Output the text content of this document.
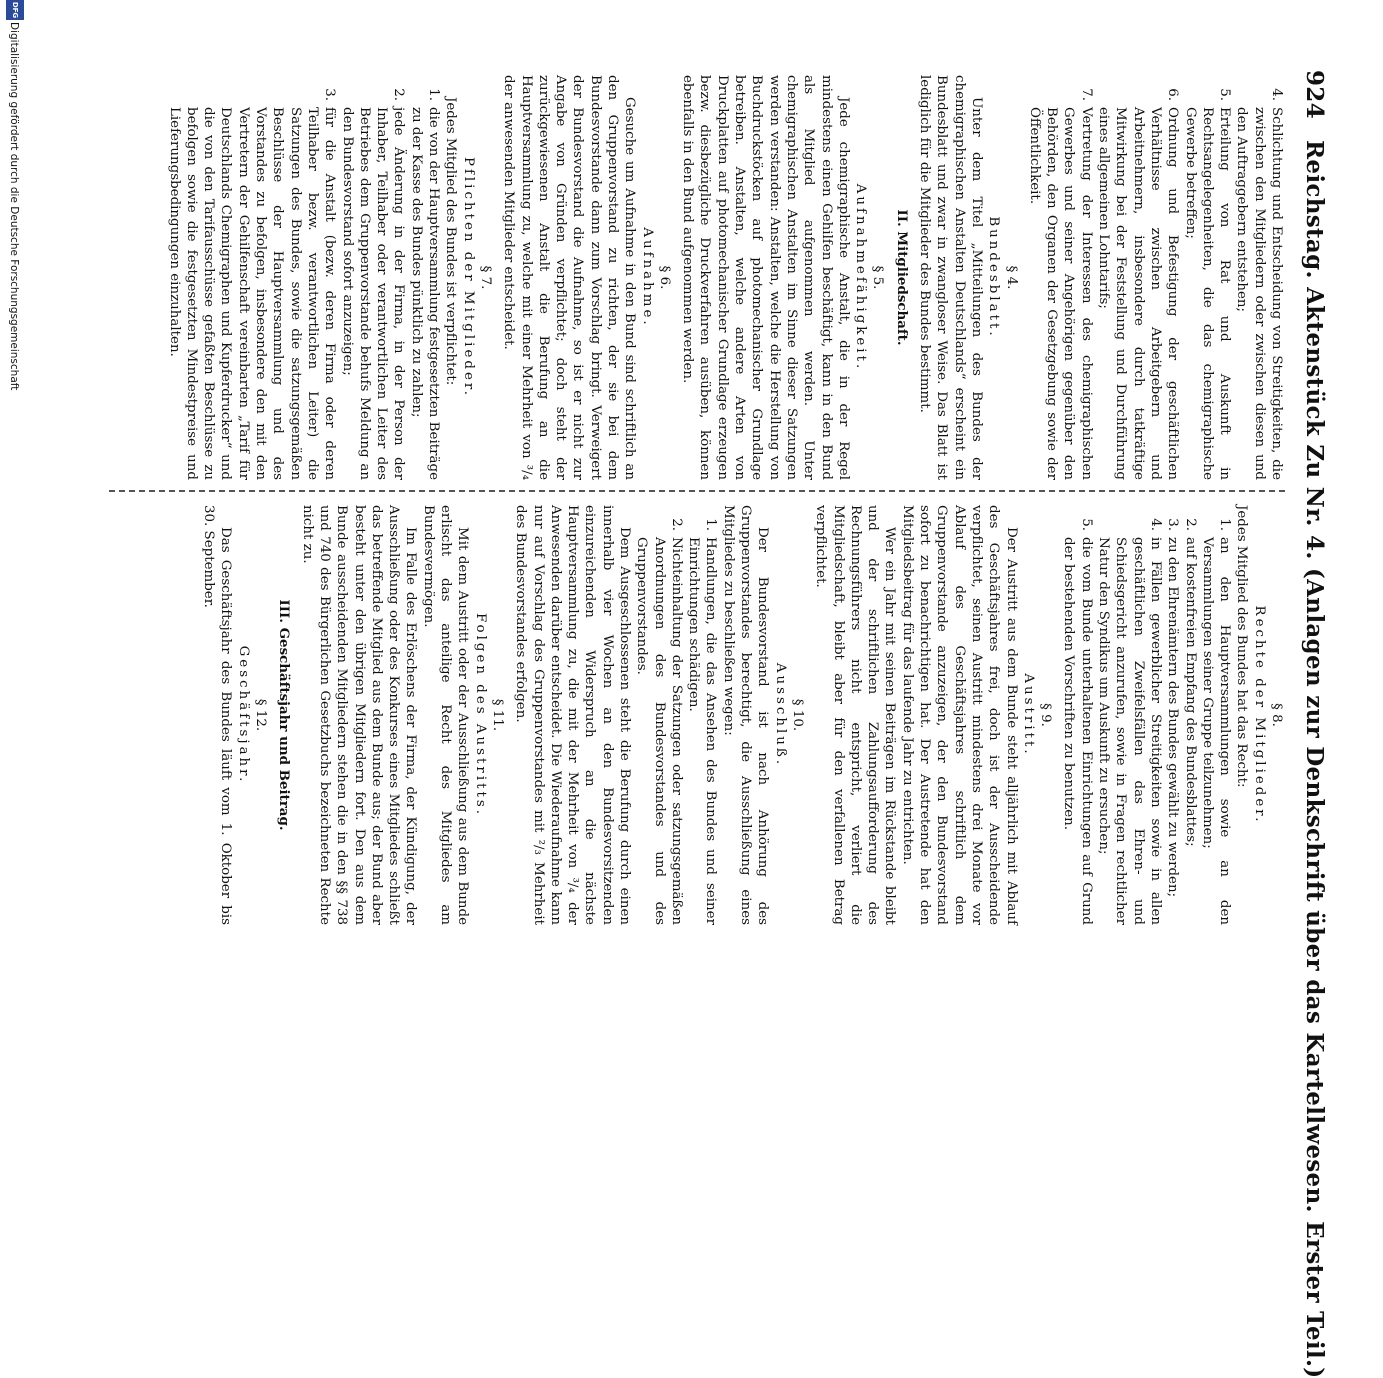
924
Reichstag. Aktenstück Zu Nr. 4. (Anlagen zur Denkschrift über das Kartellwesen. Erster Teil.)
4.
Schlichtung und Entscheidung von Streitigkeiten, die zwischen den Mitgliedern oder zwischen diesen und den Auftraggebern entstehen;
5.
Erteilung von Rat und Auskunft in Rechtsangelegenheiten, die das chemigraphische Gewerbe betreffen;
6.
Ordnung und Befestigung der geschäftlichen Verhältnisse zwischen Arbeitgebern und Arbeitnehmern, insbesondere durch tatkräftige Mitwirkung bei der Feststellung und Durchführung eines allgemeinen Lohntarifs;
7.
Vertretung der Interessen des chemigraphischen Gewerbes und seiner Angehörigen gegenüber den Behörden, den Organen der Gesetzgebung sowie der Öffentlichkeit.

§ 4.

Bundesblatt.

Unter dem Titel „Mitteilungen des Bundes der chemigraphischen Anstalten Deutschlands“ erscheint ein Bundesblatt und zwar in zwangloser Weise. Das Blatt ist lediglich für die Mitglieder des Bundes bestimmt.

II. Mitgliedschaft.

§ 5.

Aufnahmefähigkeit.

Jede chemigraphische Anstalt, die in der Regel mindestens einen Gehilfen beschäftigt, kann in den Bund als Mitglied aufgenommen werden. Unter chemigraphischen Anstalten im Sinne dieser Satzungen werden verstanden: Anstalten, welche die Herstellung von Buchdruckstöcken auf photomechanischer Grundlage betreiben. Anstalten, welche andere Arten von Druckplatten auf photomechanischer Grundlage erzeugen bezw. diesbezügliche Druckverfahren ausüben, können ebenfalls in den Bund aufgenommen werden.

§ 6.

Aufnahme.

Gesuche um Aufnahme in den Bund sind schriftlich an den Gruppenvorstand zu richten, der sie bei dem Bundesvorstande dann zum Vorschlag bringt. Verweigert der Bundesvorstand die Aufnahme, so ist er nicht zur Angabe von Gründen verpflichtet; doch steht der zurückgewiesenen Anstalt die Berufung an die Hauptversammlung zu, welche mit einer Mehrheit von ³/₄ der anwesenden Mitglieder entscheidet.

§ 7.

Pflichten der Mitglieder.

Jedes Mitglied des Bundes ist verpflichtet:

1.
die von der Hauptversammlung festgesetzten Beiträge zu der Kasse des Bundes pünktlich zu zahlen;
2.
jede Änderung in der Firma, in der Person der Inhaber, Teilhaber oder verantwortlichen Leiter des Betriebes dem Gruppenvorstande behufs Meldung an den Bundesvorstand sofort anzuzeigen;
3.
für die Anstalt (bezw. deren Firma oder deren Teilhaber bezw. verantwortlichen Leiter) die Satzungen des Bundes, sowie die satzungsgemäßen Beschlüsse der Hauptversammlung und des Vorstandes zu befolgen, insbesondere den mit den Vertretern der Gehilfenschaft vereinbarten „Tarif für Deutschlands Chemigraphen und Kupferdrucker“ und die von den Tarifausschüsse gefaßten Beschlüsse zu befolgen sowie die festgesetzten Mindestpreise und Lieferungsbedingungen einzuhalten.

§ 8.

Rechte der Mitglieder.

Jedes Mitglied des Bundes hat das Recht:

1.
an den Hauptversammlungen sowie an den Versammlungen seiner Gruppe teilzunehmen;
2.
auf kostenfreien Empfang des Bundesblattes;
3.
zu den Ehrenämtern des Bundes gewählt zu werden;
4.
in Fällen gewerblicher Streitigkeiten sowie in allen geschäftlichen Zweifelsfällen das Ehren- und Schiedsgericht anzurufen, sowie in Fragen rechtlicher Natur den Syndikus um Auskunft zu ersuchen;
5.
die vom Bunde unterhaltenen Einrichtungen auf Grund der bestehenden Vorschriften zu benutzen.

§ 9.

Austritt.

Der Austritt aus dem Bunde steht alljährlich mit Ablauf des Geschäftsjahres frei, doch ist der Ausscheidende verpflichtet, seinen Austritt mindestens drei Monate vor Ablauf des Geschäftsjahres schriftlich dem Gruppenvorstande anzuzeigen, der den Bundesvorstand sofort zu benachrichtigen hat. Der Austretende hat den Mitgliedsbeitrag für das laufende Jahr zu entrichten.

Wer ein Jahr mit seinen Beiträgen im Rückstande bleibt und der schriftlichen Zahlungsaufforderung des Rechnungsführers nicht entspricht, verliert die Mitgliedschaft, bleibt aber für den verfallenen Betrag verpflichtet.

§ 10.

Ausschluß.

Der Bundesvorstand ist nach Anhörung des Gruppenvorstandes berechtigt, die Ausschließung eines Mitgliedes zu beschließen wegen:

1.
Handlungen, die das Ansehen des Bundes und seiner Einrichtungen schädigen.
2.
Nichteinhaltung der Satzungen oder satzungsgemäßen Anordnungen des Bundesvorstandes und des Gruppenvorstandes.

Dem Ausgeschlossenen steht die Berufung durch einen innerhalb vier Wochen an den Bundesvorsitzenden einzureichenden Widerspruch an die nächste Hauptversammlung zu, die mit der Mehrheit von ³/₄ der Anwesenden darüber entscheidet. Die Wiederaufnahme kann nur auf Vorschlag des Gruppenvorstandes mit ²/₃ Mehrheit des Bundesvorstandes erfolgen.

§ 11.

Folgen des Austritts.

Mit dem Austritt oder der Ausschließung aus dem Bunde erlischt das anteilige Recht des Mitgliedes am Bundesvermögen.

Im Falle des Erlöschens der Firma, der Kündigung, der Ausschließung oder des Konkurses eines Mitgliedes schließt das betreffende Mitglied aus dem Bunde aus; der Bund aber besteht unter den übrigen Mitgliedern fort. Den aus dem Bunde ausscheidenden Mitgliedern stehen die in den §§ 738 und 740 des Bürgerlichen Gesetzbuchs bezeichneten Rechte nicht zu.

III. Geschäftsjahr und Beitrag.

§ 12.

Geschäftsjahr.

Das Geschäftsjahr des Bundes läuft vom 1. Oktober bis 30. September.

DFG
Digitalisierung gefördert durch die Deutsche Forschungsgemeinschaft
